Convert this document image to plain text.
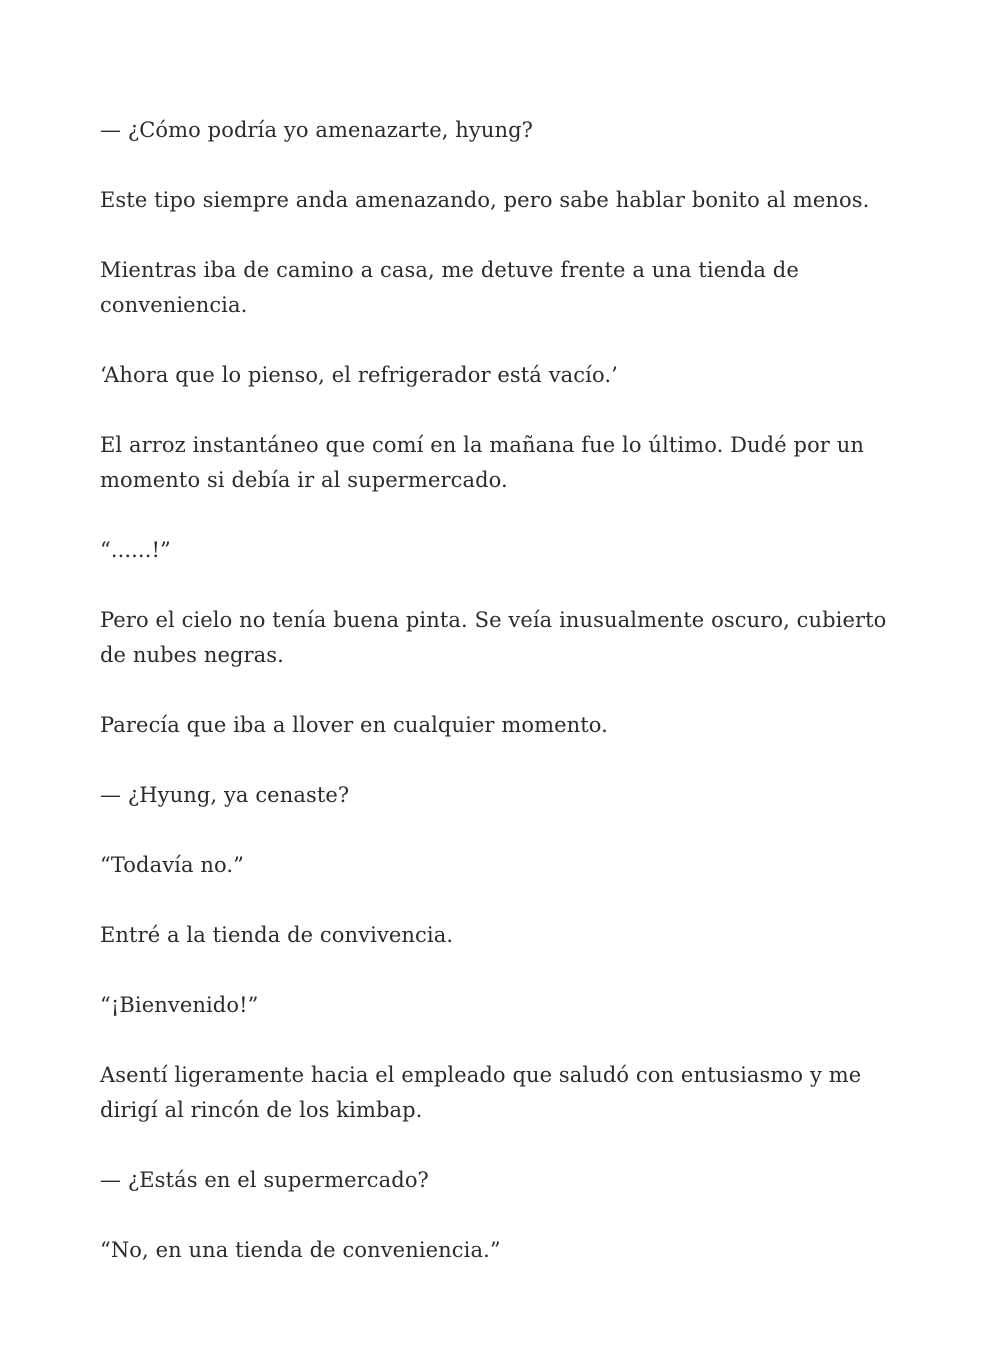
— ¿Cómo podría yo amenazarte, hyung?

Este tipo siempre anda amenazando, pero sabe hablar bonito al menos.

Mientras iba de camino a casa, me detuve frente a una tienda de conveniencia.

‘Ahora que lo pienso, el refrigerador está vacío.’

El arroz instantáneo que comí en la mañana fue lo último. Dudé por un momento si debía ir al supermercado.

“......!”

Pero el cielo no tenía buena pinta. Se veía inusualmente oscuro, cubierto de nubes negras.

Parecía que iba a llover en cualquier momento.

— ¿Hyung, ya cenaste?

“Todavía no.”

Entré a la tienda de convivencia.

“¡Bienvenido!”

Asentí ligeramente hacia el empleado que saludó con entusiasmo y me dirigí al rincón de los kimbap.

— ¿Estás en el supermercado?

“No, en una tienda de conveniencia.”
